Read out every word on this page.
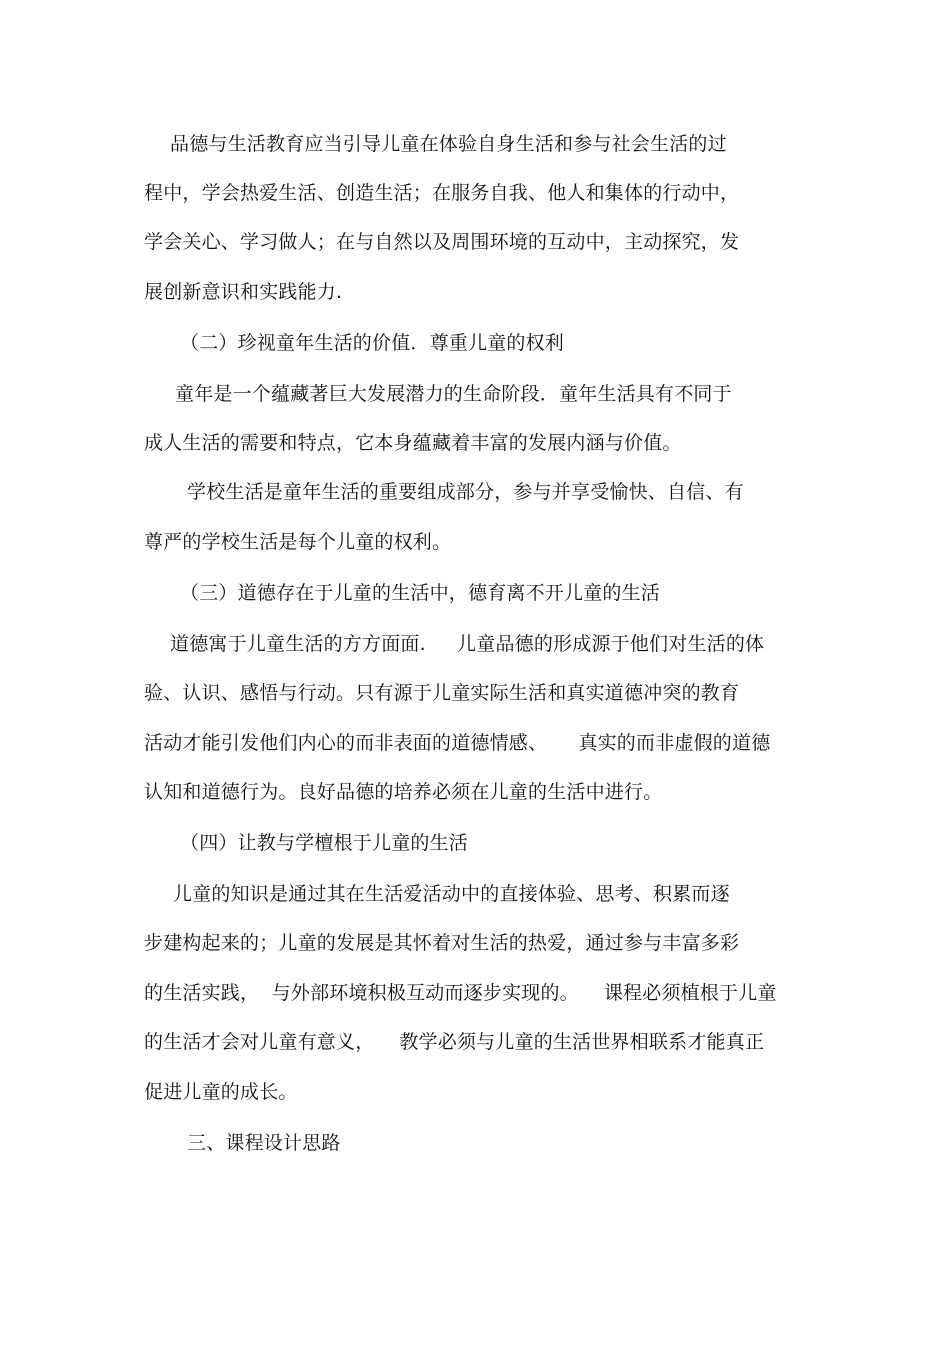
品德与生活教育应当引导儿童在体验自身生活和参与社会生活的过
程中，学会热爱生活、创造生活；在服务自我、他人和集体的行动中，
学会关心、学习做人；在与自然以及周围环境的互动中，主动探究，发
展创新意识和实践能力.
（二）珍视童年生活的价值．尊重儿童的权利
童年是一个蕴藏著巨大发展潜力的生命阶段．童年生活具有不同于
成人生活的需要和特点，它本身蕴藏着丰富的发展内涵与价值。
学校生活是童年生活的重要组成部分，参与并享受愉快、自信、有
尊严的学校生活是每个儿童的权利。
（三）道德存在于儿童的生活中，德育离不开儿童的生活
道德寓于儿童生活的方方面面.     儿童品德的形成源于他们对生活的体
验、认识、感悟与行动。只有源于儿童实际生活和真实道德冲突的教育
活动才能引发他们内心的而非表面的道德情感、     真实的而非虚假的道德
认知和道德行为。良好品德的培养必须在儿童的生活中进行。
（四）让教与学檀根于儿童的生活
儿童的知识是通过其在生活爱活动中的直接体验、思考、积累而逐
步建构起来的；儿童的发展是其怀着对生活的热爱，通过参与丰富多彩
的生活实践，  与外部环境积极互动而逐步实现的。    课程必须植根于儿童
的生活才会对儿童有意义，    教学必须与儿童的生活世界相联系才能真正
促进儿童的成长。
三、课程设计思路
